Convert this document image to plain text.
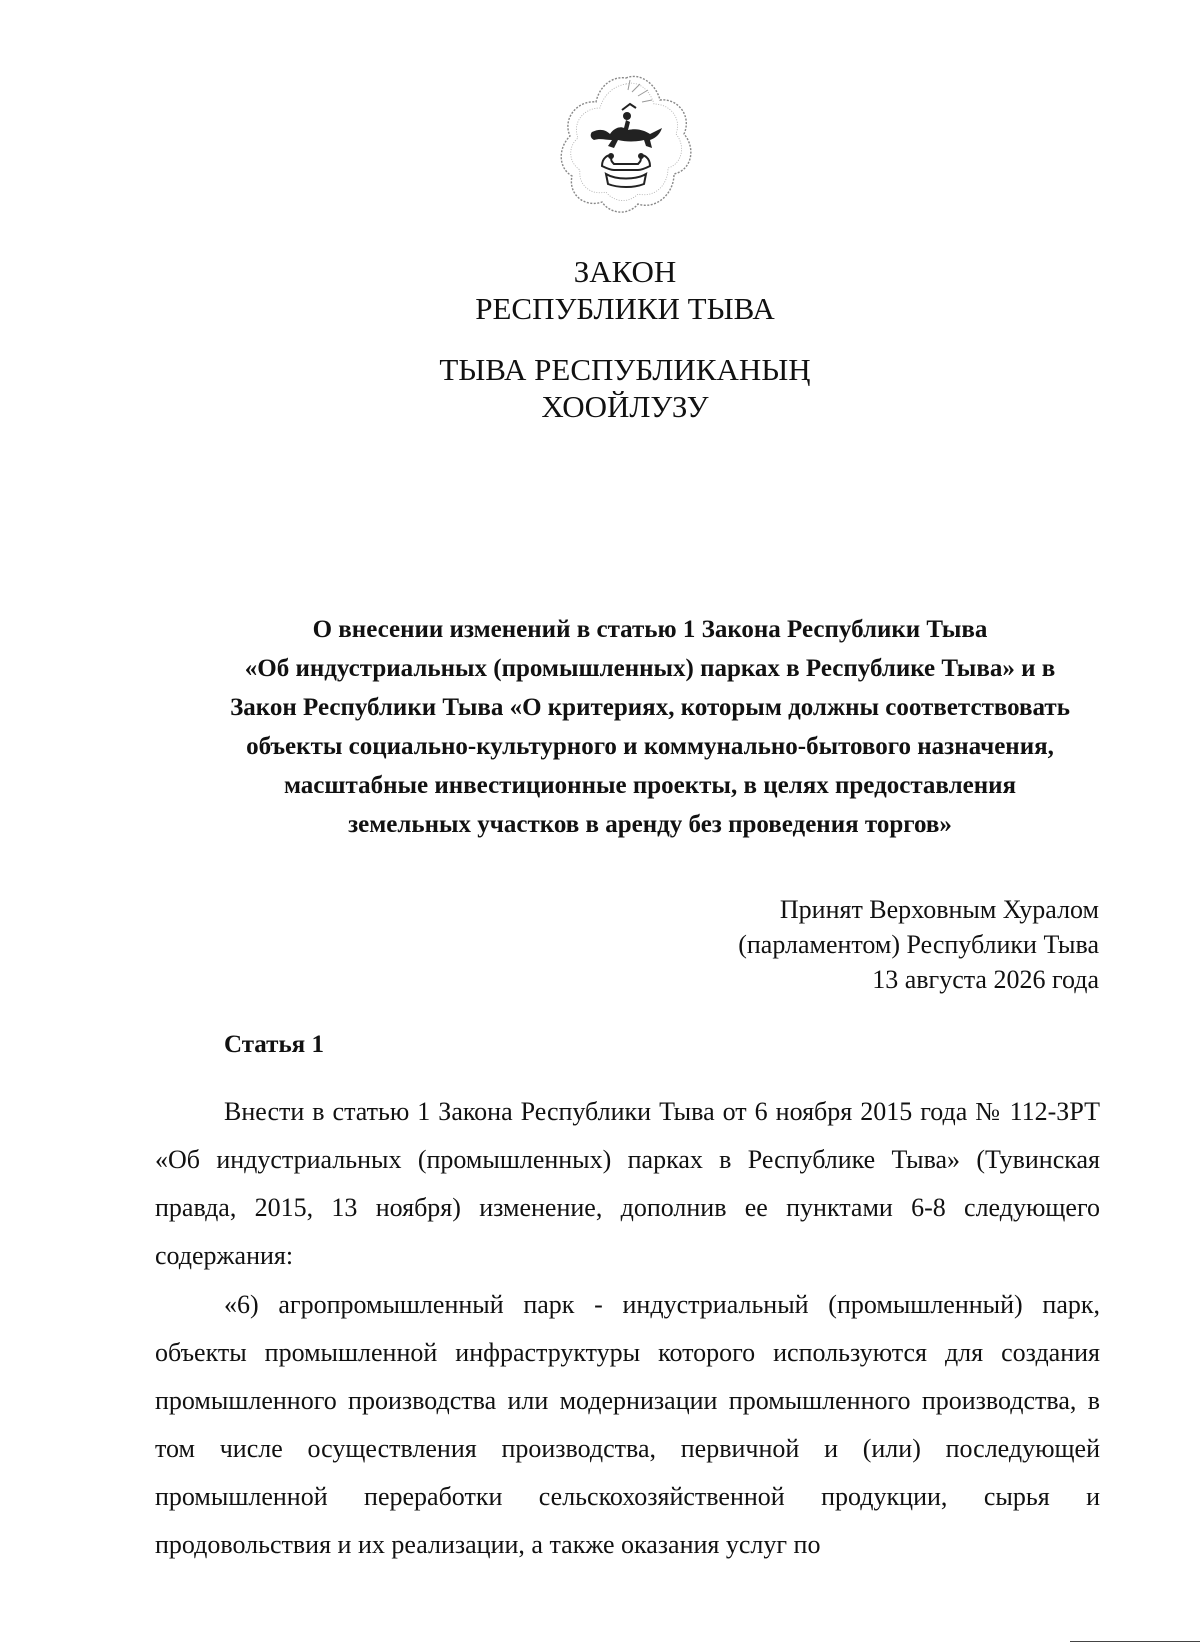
ЗАКОН
РЕСПУБЛИКИ ТЫВА
ТЫВА РЕСПУБЛИКАНЫҢ
ХООЙЛУЗУ
О внесении изменений в статью 1 Закона Республики Тыва
«Об индустриальных (промышленных) парках в Республике Тыва» и в
Закон Республики Тыва «О критериях, которым должны соответствовать
объекты социально-культурного и коммунально-бытового назначения,
масштабные инвестиционные проекты, в целях предоставления
земельных участков в аренду без проведения торгов»
Принят Верховным Хуралом
(парламентом) Республики Тыва
13 августа 2026 года
Статья 1

Внести в статью 1 Закона Республики Тыва от 6 ноября 2015 года № 112-ЗРТ «Об индустриальных (промышленных) парках в Республике Тыва» (Тувинская правда, 2015, 13 ноября) изменение, дополнив ее пунктами 6-8 следующего содержания:

«6) агропромышленный парк - индустриальный (промышленный) парк, объекты промышленной инфраструктуры которого используются для создания промышленного производства или модернизации промышленного производства, в том числе осуществления производства, первичной и (или) последующей промышленной переработки сельскохозяйственной продукции, сырья и продовольствия и их реализации, а также оказания услуг по
